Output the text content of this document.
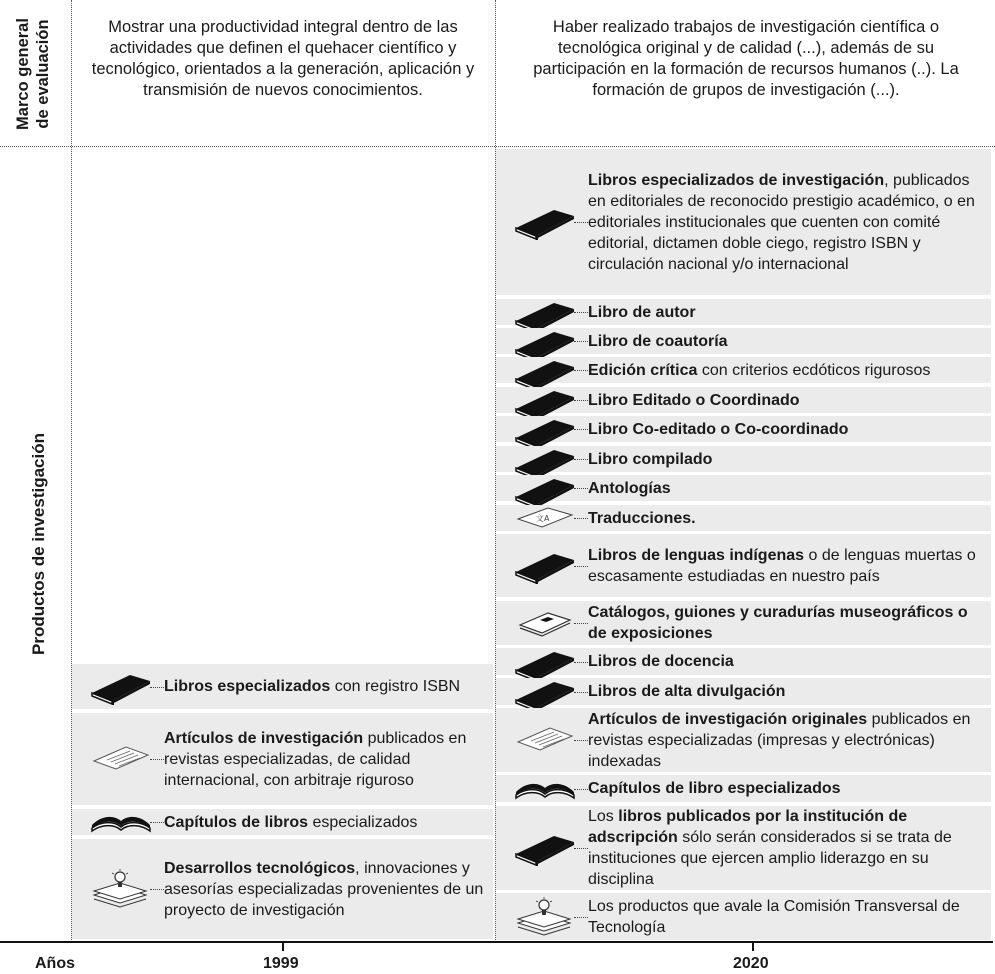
Marco general de evaluación
Productos de investigación
Mostrar una productividad integral dentro de las actividades que definen el quehacer científico y tecnológico, orientados a la generación, aplicación y transmisión de nuevos conocimientos.
Haber realizado trabajos de investigación científica o tecnológica original y de calidad (...), además de su participación en la formación de recursos humanos (..). La formación de grupos de investigación (...).
Libros especializados con registro ISBN
Artículos de investigación publicados en revistas especializadas, de calidad internacional, con arbitraje riguroso
Capítulos de libros especializados
Desarrollos tecnológicos, innovaciones y asesorías especializadas provenientes de un proyecto de investigación
Libros especializados de investigación, publicados en editoriales de reconocido prestigio académico, o en editoriales institucionales que cuenten con comité editorial, dictamen doble ciego, registro ISBN y circulación nacional y/o internacional
Libro de autor
Libro de coautoría
Edición crítica con criterios ecdóticos rigurosos
Libro Editado o Coordinado
Libro Co-editado o Co-coordinado
Libro compilado
Antologías
文A Traducciones.
Libros de lenguas indígenas o de lenguas muertas o escasamente estudiadas en nuestro país
Catálogos, guiones y curadurías museográficos o de exposiciones
Libros de docencia
Libros de alta divulgación
Artículos de investigación originales publicados en revistas especializadas (impresas y electrónicas) indexadas
Capítulos de libro especializados
Los libros publicados por la institución de adscripción sólo serán considerados si se trata de instituciones que ejercen amplio liderazgo en su disciplina
Los productos que avale la Comisión Transversal de Tecnología
Años	1999	2020
